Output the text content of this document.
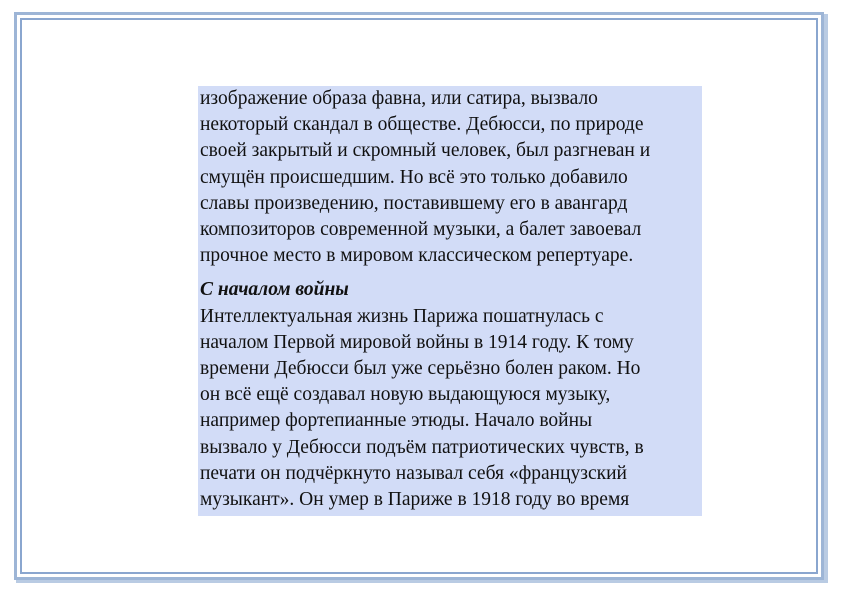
изображение образа фавна, или сатира, вызвало
некоторый скандал в обществе. Дебюсси, по природе
своей закрытый и скромный человек, был разгневан и
смущён происшедшим. Но всё это только добавило
славы произведению, поставившему его в авангард
композиторов современной музыки, а балет завоевал
прочное место в мировом классическом репертуаре.

С началом войны

Интеллектуальная жизнь Парижа пошатнулась с
началом Первой мировой войны в 1914 году. К тому
времени Дебюсси был уже серьёзно болен раком. Но
он всё ещё создавал новую выдающуюся музыку,
например фортепианные этюды. Начало войны
вызвало у Дебюсси подъём патриотических чувств, в
печати он подчёркнуто называл себя «французский
музыкант». Он умер в Париже в 1918 году во время
